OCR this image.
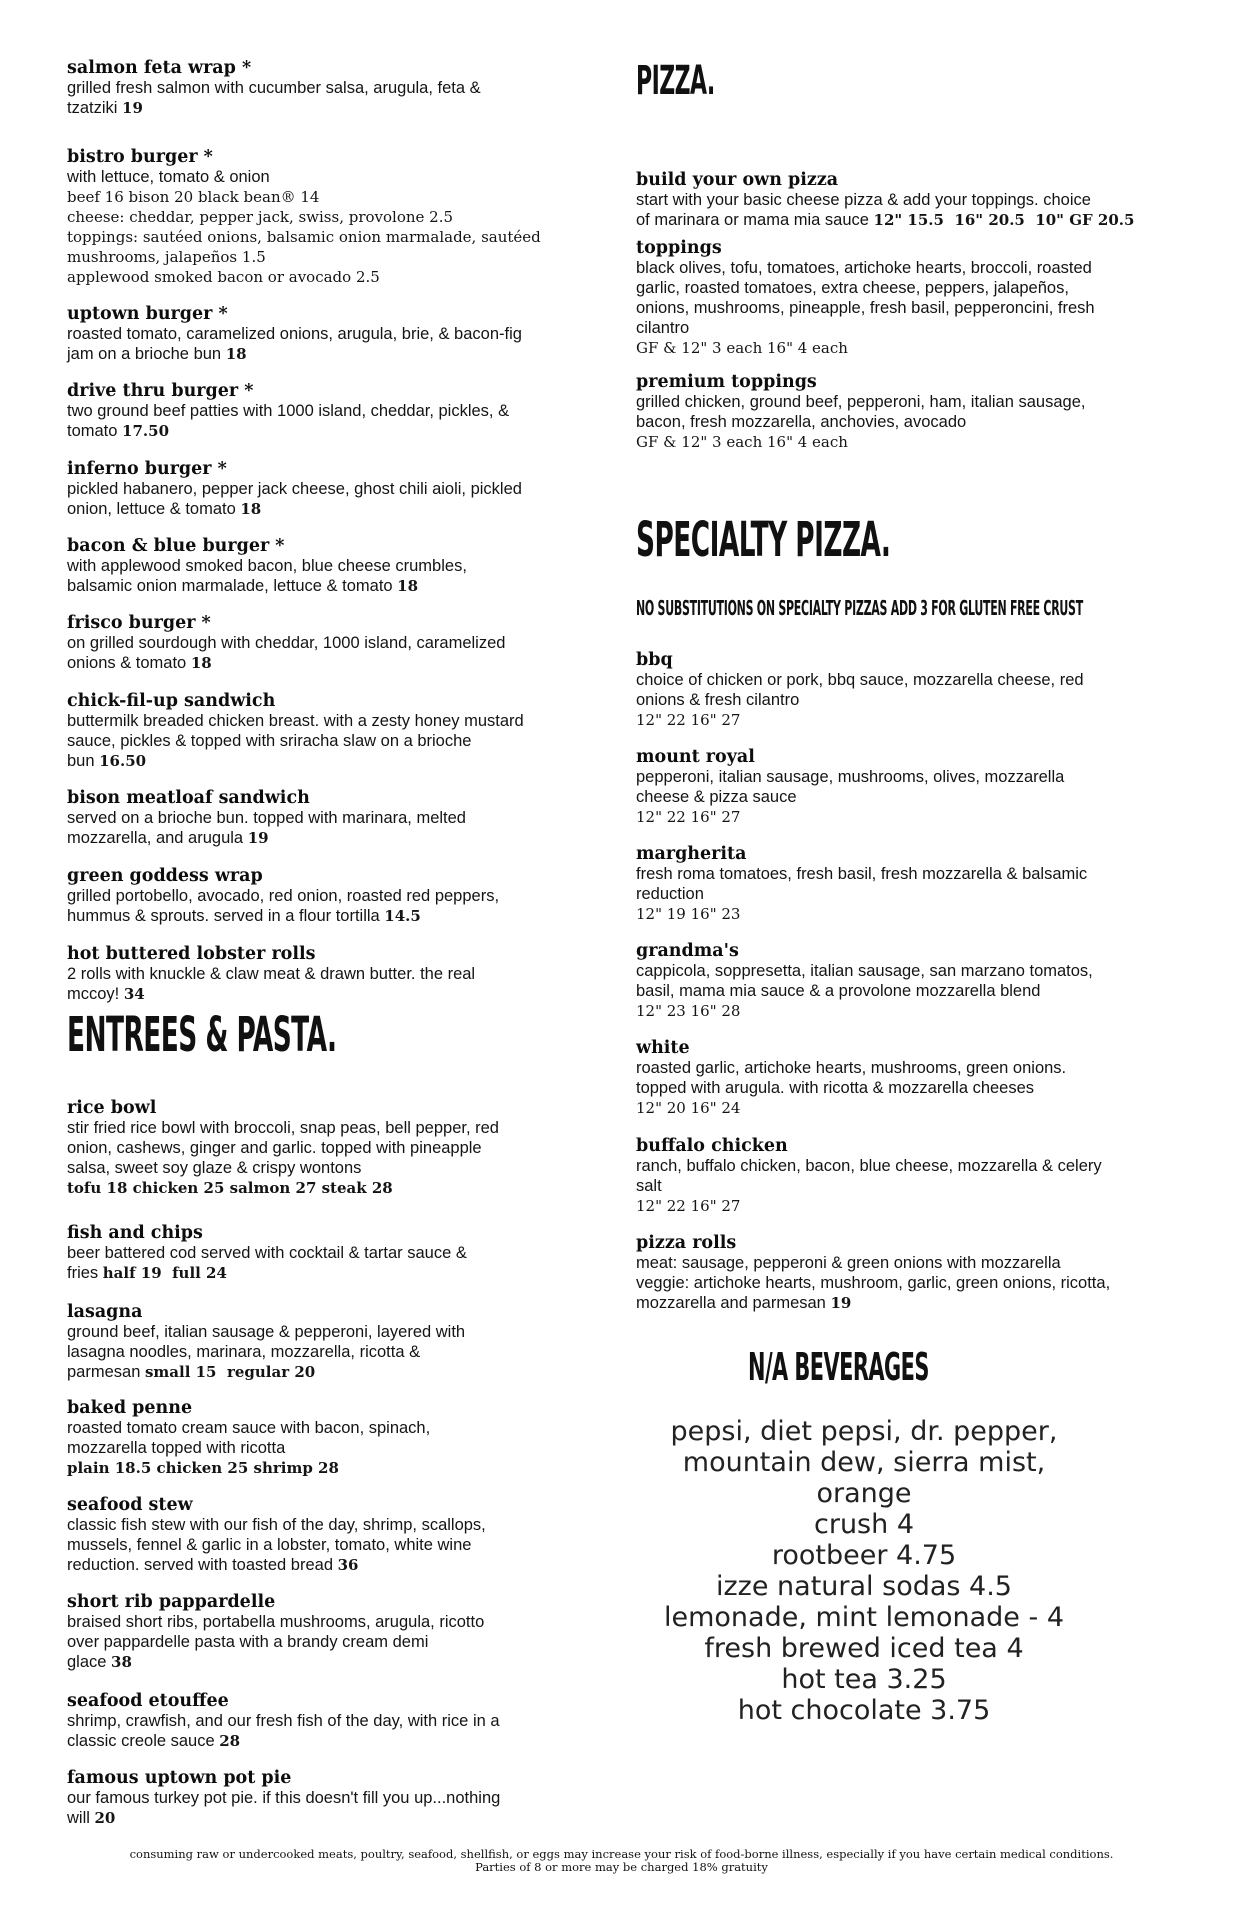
salmon feta wrap *

grilled fresh salmon with cucumber salsa, arugula, feta &

tzatziki 19

bistro burger *

with lettuce, tomato & onion

beef 16 bison 20 black bean® 14

cheese: cheddar, pepper jack, swiss, provolone 2.5

toppings: sautéed onions, balsamic onion marmalade, sautéed

mushrooms, jalapeños 1.5

applewood smoked bacon or avocado 2.5

uptown burger *

roasted tomato, caramelized onions, arugula, brie, & bacon-fig

jam on a brioche bun 18

drive thru burger *

two ground beef patties with 1000 island, cheddar, pickles, &

tomato 17.50

inferno burger *

pickled habanero, pepper jack cheese, ghost chili aioli, pickled

onion, lettuce & tomato 18

bacon & blue burger *

with applewood smoked bacon, blue cheese crumbles,

balsamic onion marmalade, lettuce & tomato 18

frisco burger *

on grilled sourdough with cheddar, 1000 island, caramelized

onions & tomato 18

chick-fil-up sandwich

buttermilk breaded chicken breast. with a zesty honey mustard

sauce, pickles & topped with sriracha slaw on a brioche

bun 16.50

bison meatloaf sandwich

served on a brioche bun. topped with marinara, melted

mozzarella, and arugula 19

green goddess wrap

grilled portobello, avocado, red onion, roasted red peppers,

hummus & sprouts. served in a flour tortilla 14.5

hot buttered lobster rolls

2 rolls with knuckle & claw meat & drawn butter. the real

mccoy! 34

ENTREES & PASTA.

rice bowl

stir fried rice bowl with broccoli, snap peas, bell pepper, red

onion, cashews, ginger and garlic. topped with pineapple

salsa, sweet soy glaze & crispy wontons

tofu 18 chicken 25 salmon 27 steak 28

fish and chips

beer battered cod served with cocktail & tartar sauce &

fries half 19  full 24

lasagna

ground beef, italian sausage & pepperoni, layered with

lasagna noodles, marinara, mozzarella, ricotta &

parmesan small 15  regular 20

baked penne

roasted tomato cream sauce with bacon, spinach,

mozzarella topped with ricotta

plain 18.5 chicken 25 shrimp 28

seafood stew

classic fish stew with our fish of the day, shrimp, scallops,

mussels, fennel & garlic in a lobster, tomato, white wine

reduction. served with toasted bread 36

short rib pappardelle

braised short ribs, portabella mushrooms, arugula, ricotto

over pappardelle pasta with a brandy cream demi

glace 38

seafood etouffee

shrimp, crawfish, and our fresh fish of the day, with rice in a

classic creole sauce 28

famous uptown pot pie

our famous turkey pot pie. if this doesn't fill you up...nothing

will 20

PIZZA.

build your own pizza

start with your basic cheese pizza & add your toppings. choice

of marinara or mama mia sauce 12" 15.5  16" 20.5  10" GF 20.5

toppings

black olives, tofu, tomatoes, artichoke hearts, broccoli, roasted

garlic, roasted tomatoes, extra cheese, peppers, jalapeños,

onions, mushrooms, pineapple, fresh basil, pepperoncini, fresh

cilantro

GF & 12" 3 each 16" 4 each

premium toppings

grilled chicken, ground beef, pepperoni, ham, italian sausage,

bacon, fresh mozzarella, anchovies, avocado

GF & 12" 3 each 16" 4 each

SPECIALTY PIZZA.

NO SUBSTITUTIONS ON SPECIALTY PIZZAS ADD 3 FOR GLUTEN FREE CRUST

bbq

choice of chicken or pork, bbq sauce, mozzarella cheese, red

onions & fresh cilantro

12" 22 16" 27

mount royal

pepperoni, italian sausage, mushrooms, olives, mozzarella

cheese & pizza sauce

12" 22 16" 27

margherita

fresh roma tomatoes, fresh basil, fresh mozzarella & balsamic

reduction

12" 19 16" 23

grandma's

cappicola, soppresetta, italian sausage, san marzano tomatos,

basil, mama mia sauce & a provolone mozzarella blend

12" 23 16" 28

white

roasted garlic, artichoke hearts, mushrooms, green onions.

topped with arugula. with ricotta & mozzarella cheeses

12" 20 16" 24

buffalo chicken

ranch, buffalo chicken, bacon, blue cheese, mozzarella & celery

salt

12" 22 16" 27

pizza rolls

meat: sausage, pepperoni & green onions with mozzarella

veggie: artichoke hearts, mushroom, garlic, green onions, ricotta,

mozzarella and parmesan 19

N/A BEVERAGES
pepsi, diet pepsi, dr. pepper,
mountain dew, sierra mist, orange
crush 4
rootbeer 4.75
izze natural sodas 4.5
lemonade, mint lemonade - 4
fresh brewed iced tea 4
hot tea 3.25
hot chocolate 3.75

consuming raw or undercooked meats, poultry, seafood, shellfish, or eggs may increase your risk of food-borne illness, especially if you have certain medical conditions.

Parties of 8 or more may be charged 18% gratuity
